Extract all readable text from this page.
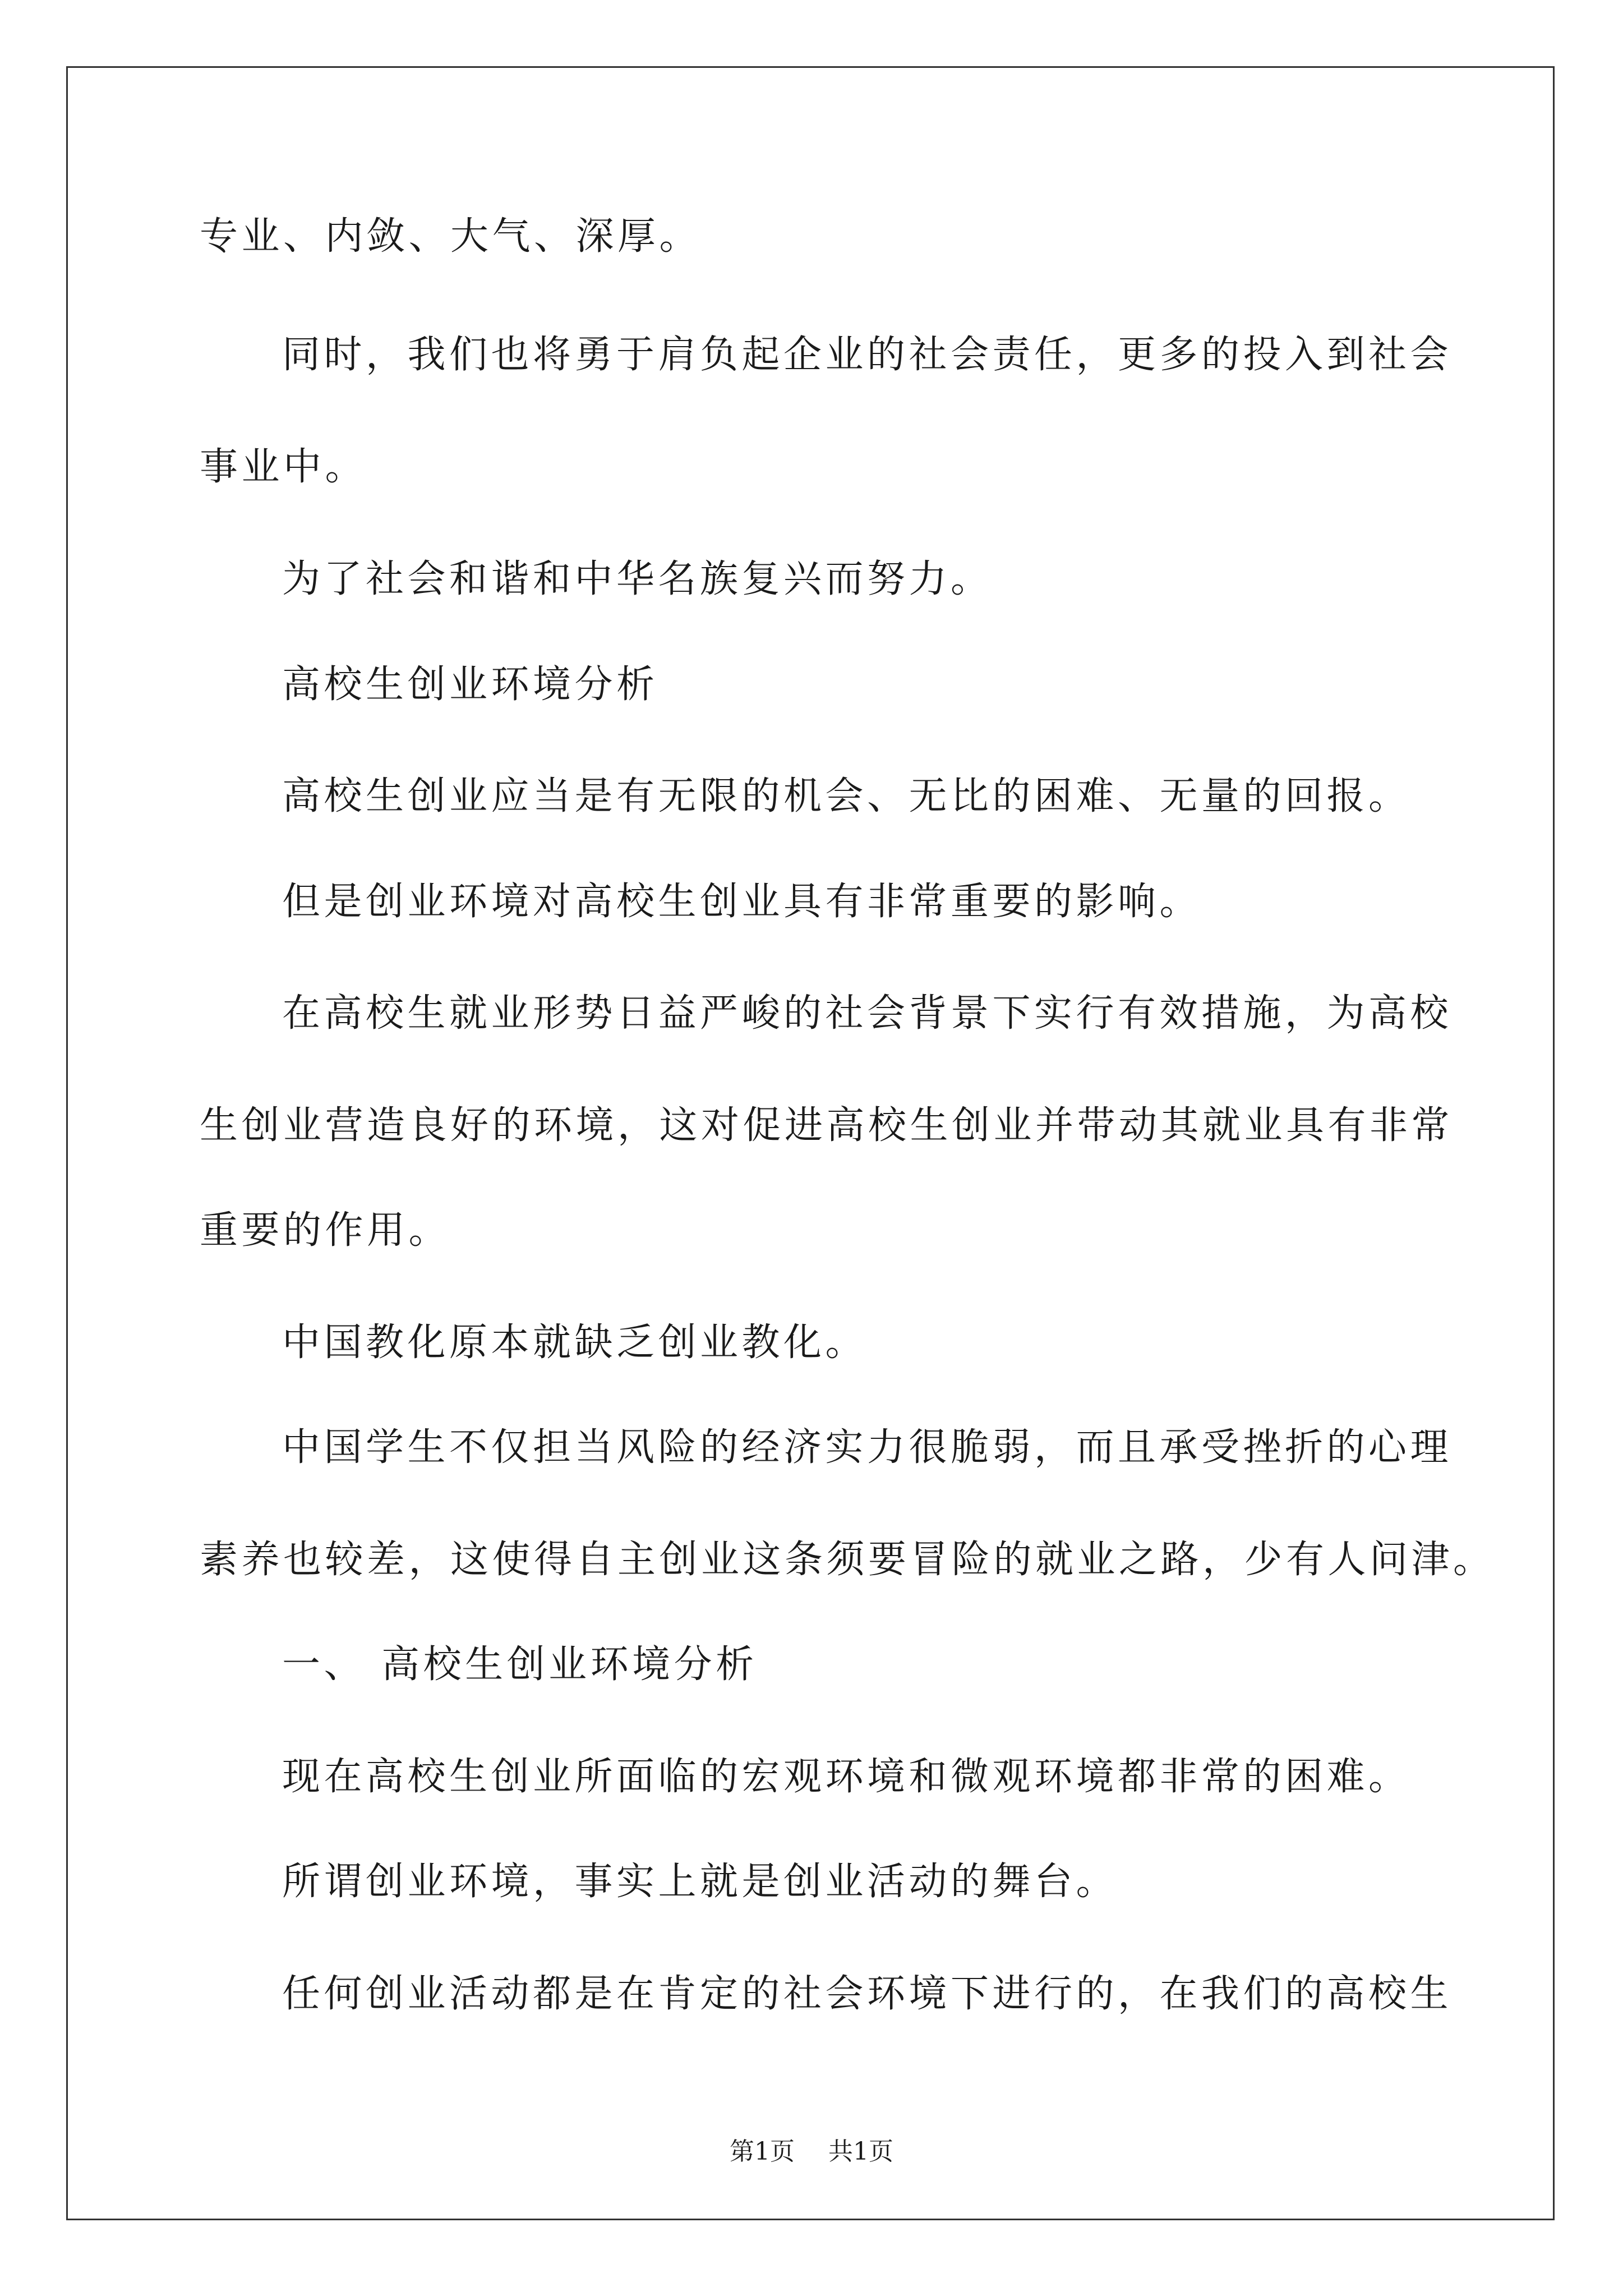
专业、内敛、大气、深厚。
同时，我们也将勇于肩负起企业的社会责任，更多的投入到社会
事业中。
为了社会和谐和中华名族复兴而努力。
高校生创业环境分析
高校生创业应当是有无限的机会、无比的困难、无量的回报。
但是创业环境对高校生创业具有非常重要的影响。
在高校生就业形势日益严峻的社会背景下实行有效措施，为高校
生创业营造良好的环境，这对促进高校生创业并带动其就业具有非常
重要的作用。
中国教化原本就缺乏创业教化。
中国学生不仅担当风险的经济实力很脆弱，而且承受挫折的心理
素养也较差，这使得自主创业这条须要冒险的就业之路，少有人问津。
一、 高校生创业环境分析
现在高校生创业所面临的宏观环境和微观环境都非常的困难。
所谓创业环境，事实上就是创业活动的舞台。
任何创业活动都是在肯定的社会环境下进行的，在我们的高校生
第1页 共1页
